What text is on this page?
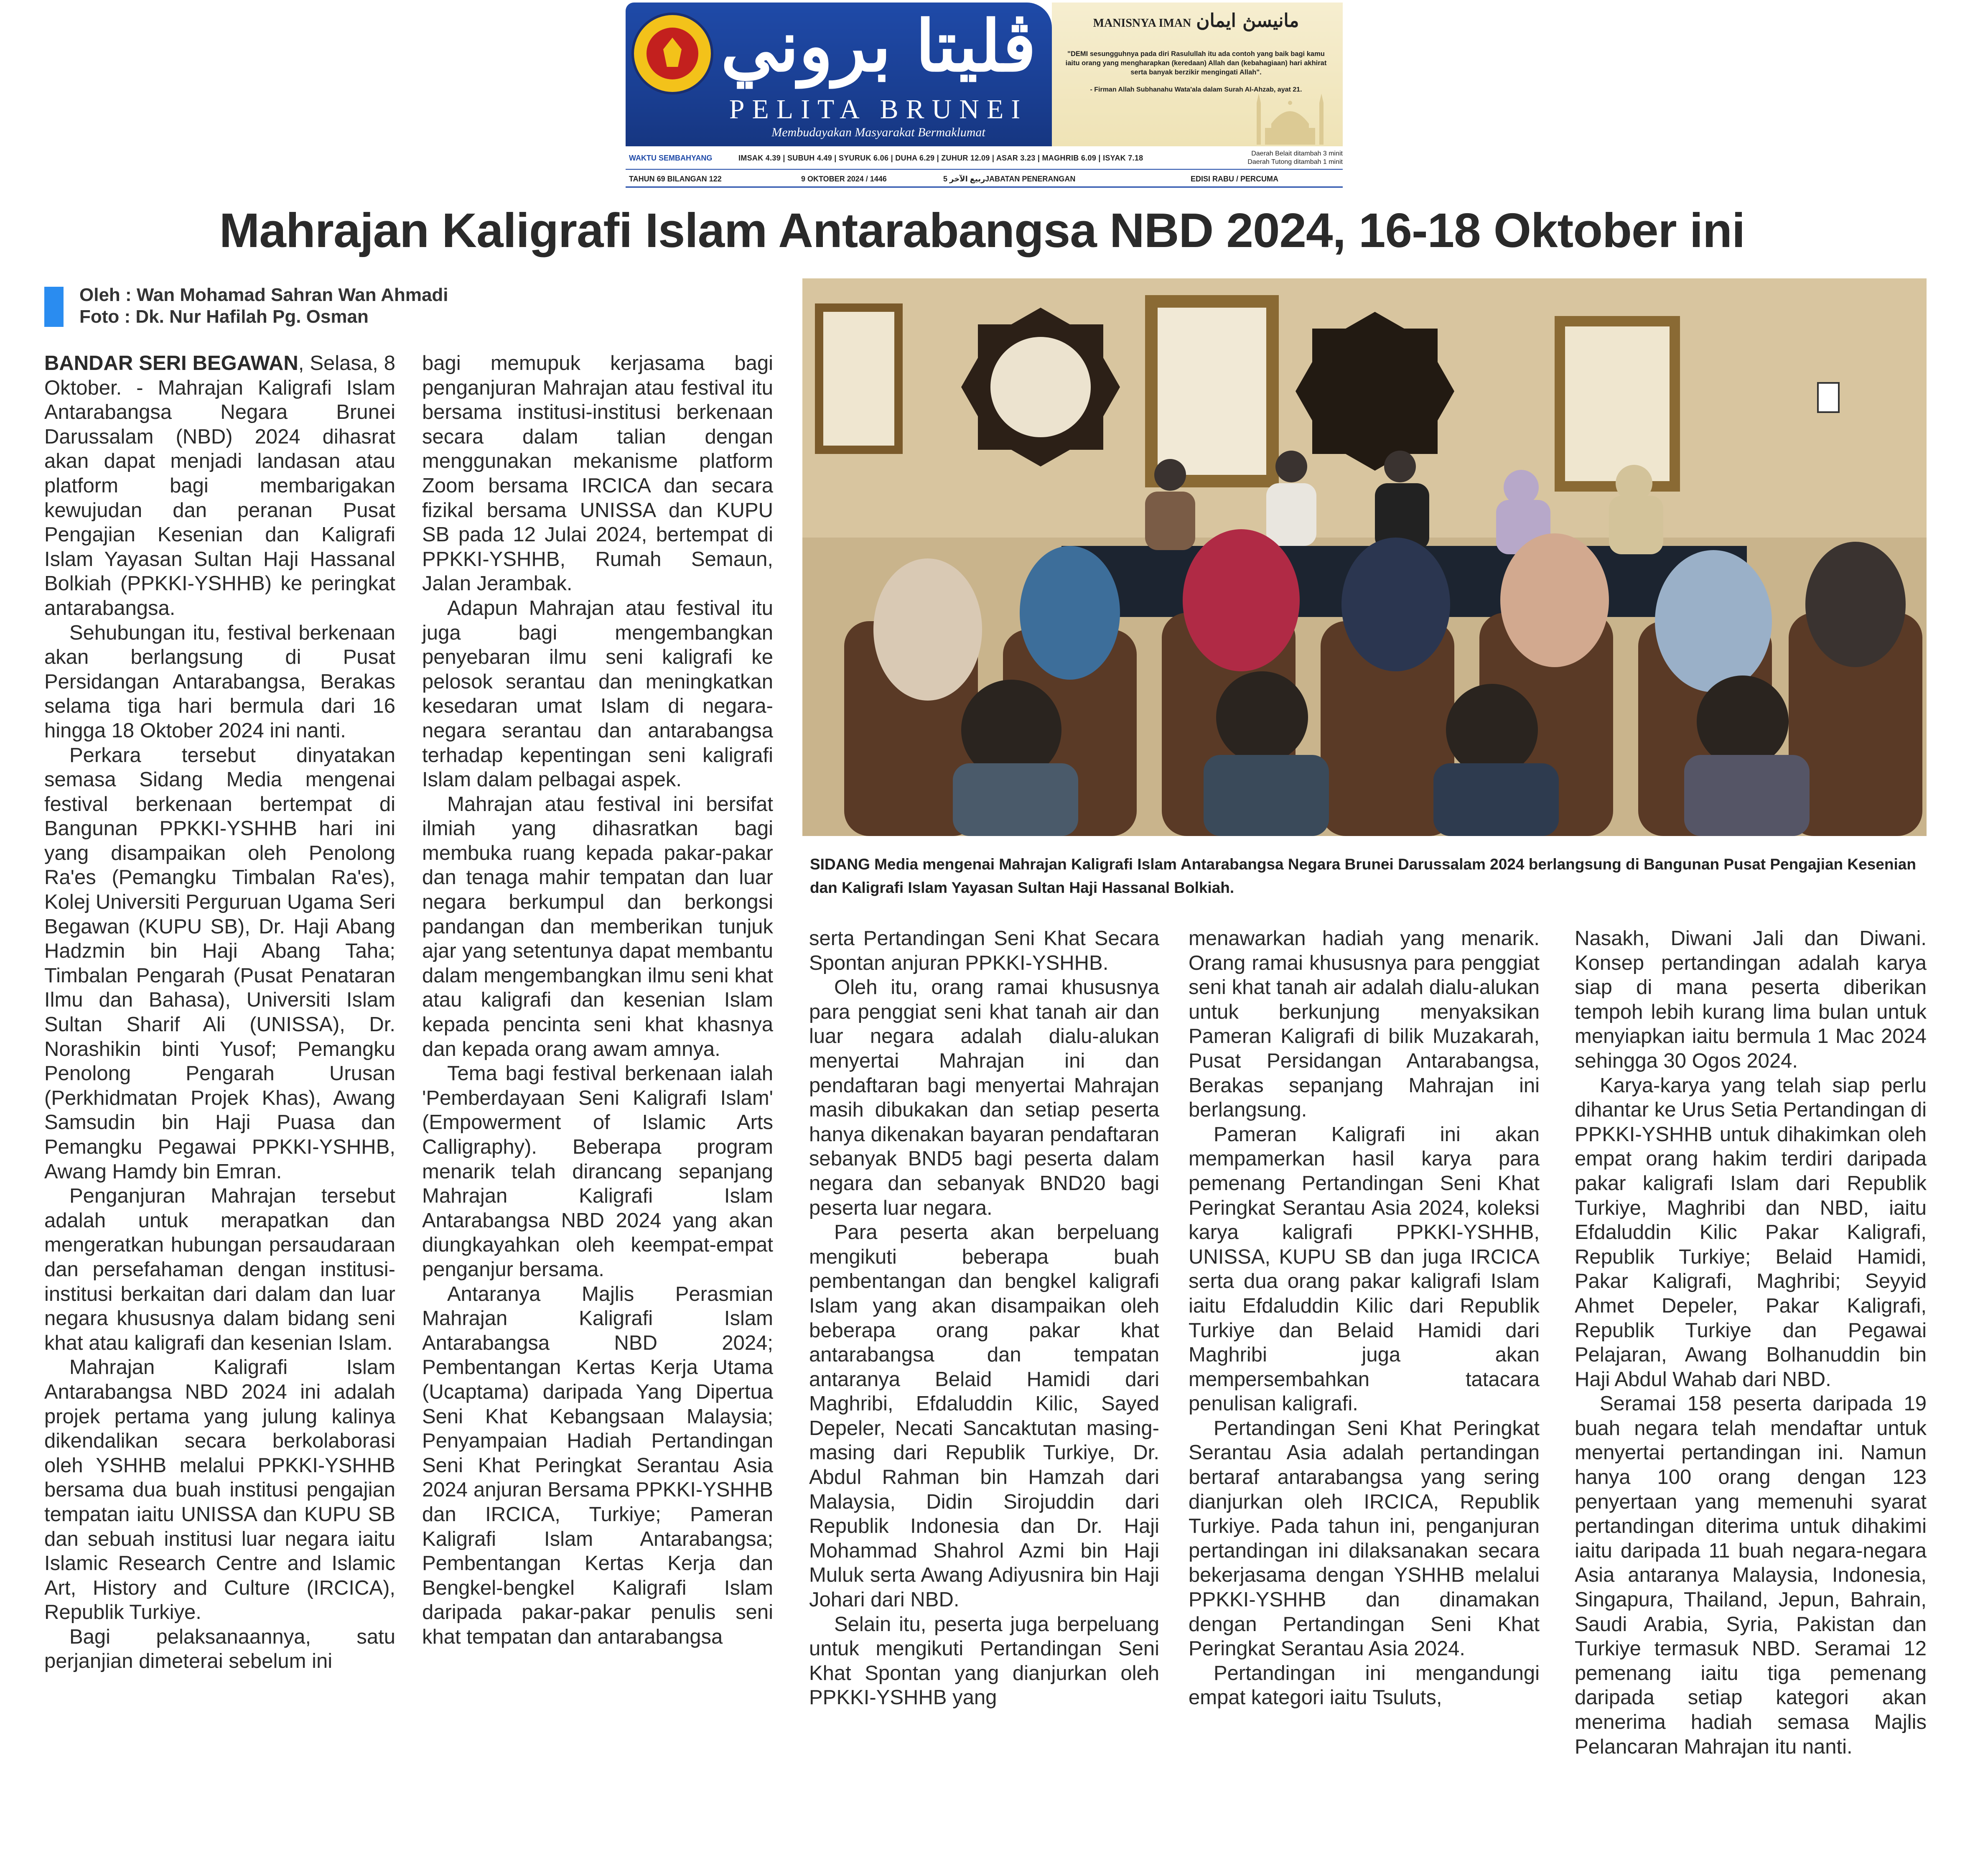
ڤليتا بروني
PELITA BRUNEI
Membudayakan Masyarakat Bermaklumat
MANISNYA IMAN مانيسڽ ايمان
"DEMI sesungguhnya pada diri Rasulullah itu ada contoh yang baik bagi kamu iaitu orang yang mengharapkan (keredaan) Allah dan (kebahagiaan) hari akhirat serta banyak berzikir mengingati Allah".
- Firman Allah Subhanahu Wata'ala dalam Surah Al-Ahzab, ayat 21.
WAKTU SEMBAHYANG	IMSAK 4.39 | SUBUH 4.49 | SYURUK 6.06 | DUHA 6.29 | ZUHUR 12.09 | ASAR 3.23 | MAGHRIB 6.09 | ISYAK 7.18
Daerah Belait ditambah 3 minit
Daerah Tutong ditambah 1 minit
TAHUN 69 BILANGAN 122	9 OKTOBER 2024 / 1446	5 ربيع الآخر JABATAN PENERANGAN	EDISI RABU / PERCUMA
Mahrajan Kaligrafi Islam Antarabangsa NBD 2024, 16-18 Oktober ini
Oleh : Wan Mohamad Sahran Wan Ahmadi
Foto : Dk. Nur Hafilah Pg. Osman
SIDANG Media mengenai Mahrajan Kaligrafi Islam Antarabangsa Negara Brunei Darussalam 2024 berlangsung di Bangunan Pusat Pengajian Kesenian dan Kaligrafi Islam Yayasan Sultan Haji Hassanal Bolkiah.

BANDAR SERI BEGAWAN, Selasa, 8 Oktober. - Mahrajan Kaligrafi Islam Antarabangsa Negara Brunei Darussalam (NBD) 2024 dihasrat akan dapat menjadi landasan atau platform bagi membarigakan kewujudan dan peranan Pusat Pengajian Kesenian dan Kaligrafi Islam Yayasan Sultan Haji Hassanal Bolkiah (PPKKI-YSHHB) ke peringkat antarabangsa.

Sehubungan itu, festival berkenaan akan berlangsung di Pusat Persidangan Antarabangsa, Berakas selama tiga hari bermula dari 16 hingga 18 Oktober 2024 ini nanti.

Perkara tersebut dinyatakan semasa Sidang Media mengenai festival berkenaan bertempat di Bangunan PPKKI-YSHHB hari ini yang disampaikan oleh Penolong Ra'es (Pemangku Timbalan Ra'es), Kolej Universiti Perguruan Ugama Seri Begawan (KUPU SB), Dr. Haji Abang Hadzmin bin Haji Abang Taha; Timbalan Pengarah (Pusat Penataran Ilmu dan Bahasa), Universiti Islam Sultan Sharif Ali (UNISSA), Dr. Norashikin binti Yusof; Pemangku Penolong Pengarah Urusan (Perkhidmatan Projek Khas), Awang Samsudin bin Haji Puasa dan Pemangku Pegawai PPKKI-YSHHB, Awang Hamdy bin Emran.

Penganjuran Mahrajan tersebut adalah untuk merapatkan dan mengeratkan hubungan persaudaraan dan persefahaman dengan institusi-institusi berkaitan dari dalam dan luar negara khususnya dalam bidang seni khat atau kaligrafi dan kesenian Islam.

Mahrajan Kaligrafi Islam Antarabangsa NBD 2024 ini adalah projek pertama yang julung kalinya dikendalikan secara berkolaborasi oleh YSHHB melalui PPKKI-YSHHB bersama dua buah institusi pengajian tempatan iaitu UNISSA dan KUPU SB dan sebuah institusi luar negara iaitu Islamic Research Centre and Islamic Art, History and Culture (IRCICA), Republik Turkiye.

Bagi pelaksanaannya, satu perjanjian dimeterai sebelum ini

bagi memupuk kerjasama bagi penganjuran Mahrajan atau festival itu bersama institusi-institusi berkenaan secara dalam talian dengan menggunakan mekanisme platform Zoom bersama IRCICA dan secara fizikal bersama UNISSA dan KUPU SB pada 12 Julai 2024, bertempat di PPKKI-YSHHB, Rumah Semaun, Jalan Jerambak.

Adapun Mahrajan atau festival itu juga bagi mengembangkan penyebaran ilmu seni kaligrafi ke pelosok serantau dan meningkatkan kesedaran umat Islam di negara-negara serantau dan antarabangsa terhadap kepentingan seni kaligrafi Islam dalam pelbagai aspek.

Mahrajan atau festival ini bersifat ilmiah yang dihasratkan bagi membuka ruang kepada pakar-pakar dan tenaga mahir tempatan dan luar negara berkumpul dan berkongsi pandangan dan memberikan tunjuk ajar yang setentunya dapat membantu dalam mengembangkan ilmu seni khat atau kaligrafi dan kesenian Islam kepada pencinta seni khat khasnya dan kepada orang awam amnya.

Tema bagi festival berkenaan ialah 'Pemberdayaan Seni Kaligrafi Islam' (Empowerment of Islamic Arts Calligraphy). Beberapa program menarik telah dirancang sepanjang Mahrajan Kaligrafi Islam Antarabangsa NBD 2024 yang akan diungkayahkan oleh keempat-empat penganjur bersama.

Antaranya Majlis Perasmian Mahrajan Kaligrafi Islam Antarabangsa NBD 2024; Pembentangan Kertas Kerja Utama (Ucaptama) daripada Yang Dipertua Seni Khat Kebangsaan Malaysia; Penyampaian Hadiah Pertandingan Seni Khat Peringkat Serantau Asia 2024 anjuran Bersama PPKKI-YSHHB dan IRCICA, Turkiye; Pameran Kaligrafi Islam Antarabangsa; Pembentangan Kertas Kerja dan Bengkel-bengkel Kaligrafi Islam daripada pakar-pakar penulis seni khat tempatan dan antarabangsa

serta Pertandingan Seni Khat Secara Spontan anjuran PPKKI-YSHHB.

Oleh itu, orang ramai khususnya para penggiat seni khat tanah air dan luar negara adalah dialu-alukan menyertai Mahrajan ini dan pendaftaran bagi menyertai Mahrajan masih dibukakan dan setiap peserta hanya dikenakan bayaran pendaftaran sebanyak BND5 bagi peserta dalam negara dan sebanyak BND20 bagi peserta luar negara.

Para peserta akan berpeluang mengikuti beberapa buah pembentangan dan bengkel kaligrafi Islam yang akan disampaikan oleh beberapa orang pakar khat antarabangsa dan tempatan antaranya Belaid Hamidi dari Maghribi, Efdaluddin Kilic, Sayed Depeler, Necati Sancaktutan masing-masing dari Republik Turkiye, Dr. Abdul Rahman bin Hamzah dari Malaysia, Didin Sirojuddin dari Republik Indonesia dan Dr. Haji Mohammad Shahrol Azmi bin Haji Muluk serta Awang Adiyusnira bin Haji Johari dari NBD.

Selain itu, peserta juga berpeluang untuk mengikuti Pertandingan Seni Khat Spontan yang dianjurkan oleh PPKKI-YSHHB yang

menawarkan hadiah yang menarik. Orang ramai khususnya para penggiat seni khat tanah air adalah dialu-alukan untuk berkunjung menyaksikan Pameran Kaligrafi di bilik Muzakarah, Pusat Persidangan Antarabangsa, Berakas sepanjang Mahrajan ini berlangsung.

Pameran Kaligrafi ini akan mempamerkan hasil karya para pemenang Pertandingan Seni Khat Peringkat Serantau Asia 2024, koleksi karya kaligrafi PPKKI-YSHHB, UNISSA, KUPU SB dan juga IRCICA serta dua orang pakar kaligrafi Islam iaitu Efdaluddin Kilic dari Republik Turkiye dan Belaid Hamidi dari Maghribi juga akan mempersembahkan tatacara penulisan kaligrafi.

Pertandingan Seni Khat Peringkat Serantau Asia adalah pertandingan bertaraf antarabangsa yang sering dianjurkan oleh IRCICA, Republik Turkiye. Pada tahun ini, penganjuran pertandingan ini dilaksanakan secara bekerjasama dengan YSHHB melalui PPKKI-YSHHB dan dinamakan dengan Pertandingan Seni Khat Peringkat Serantau Asia 2024.

Pertandingan ini mengandungi empat kategori iaitu Tsuluts,

Nasakh, Diwani Jali dan Diwani. Konsep pertandingan adalah karya siap di mana peserta diberikan tempoh lebih kurang lima bulan untuk menyiapkan iaitu bermula 1 Mac 2024 sehingga 30 Ogos 2024.

Karya-karya yang telah siap perlu dihantar ke Urus Setia Pertandingan di PPKKI-YSHHB untuk dihakimkan oleh empat orang hakim terdiri daripada pakar kaligrafi Islam dari Republik Turkiye, Maghribi dan NBD, iaitu Efdaluddin Kilic Pakar Kaligrafi, Republik Turkiye; Belaid Hamidi, Pakar Kaligrafi, Maghribi; Seyyid Ahmet Depeler, Pakar Kaligrafi, Republik Turkiye dan Pegawai Pelajaran, Awang Bolhanuddin bin Haji Abdul Wahab dari NBD.

Seramai 158 peserta daripada 19 buah negara telah mendaftar untuk menyertai pertandingan ini. Namun hanya 100 orang dengan 123 penyertaan yang memenuhi syarat pertandingan diterima untuk dihakimi iaitu daripada 11 buah negara-negara Asia antaranya Malaysia, Indonesia, Singapura, Thailand, Jepun, Bahrain, Saudi Arabia, Syria, Pakistan dan Turkiye termasuk NBD. Seramai 12 pemenang iaitu tiga pemenang daripada setiap kategori akan menerima hadiah semasa Majlis Pelancaran Mahrajan itu nanti.
